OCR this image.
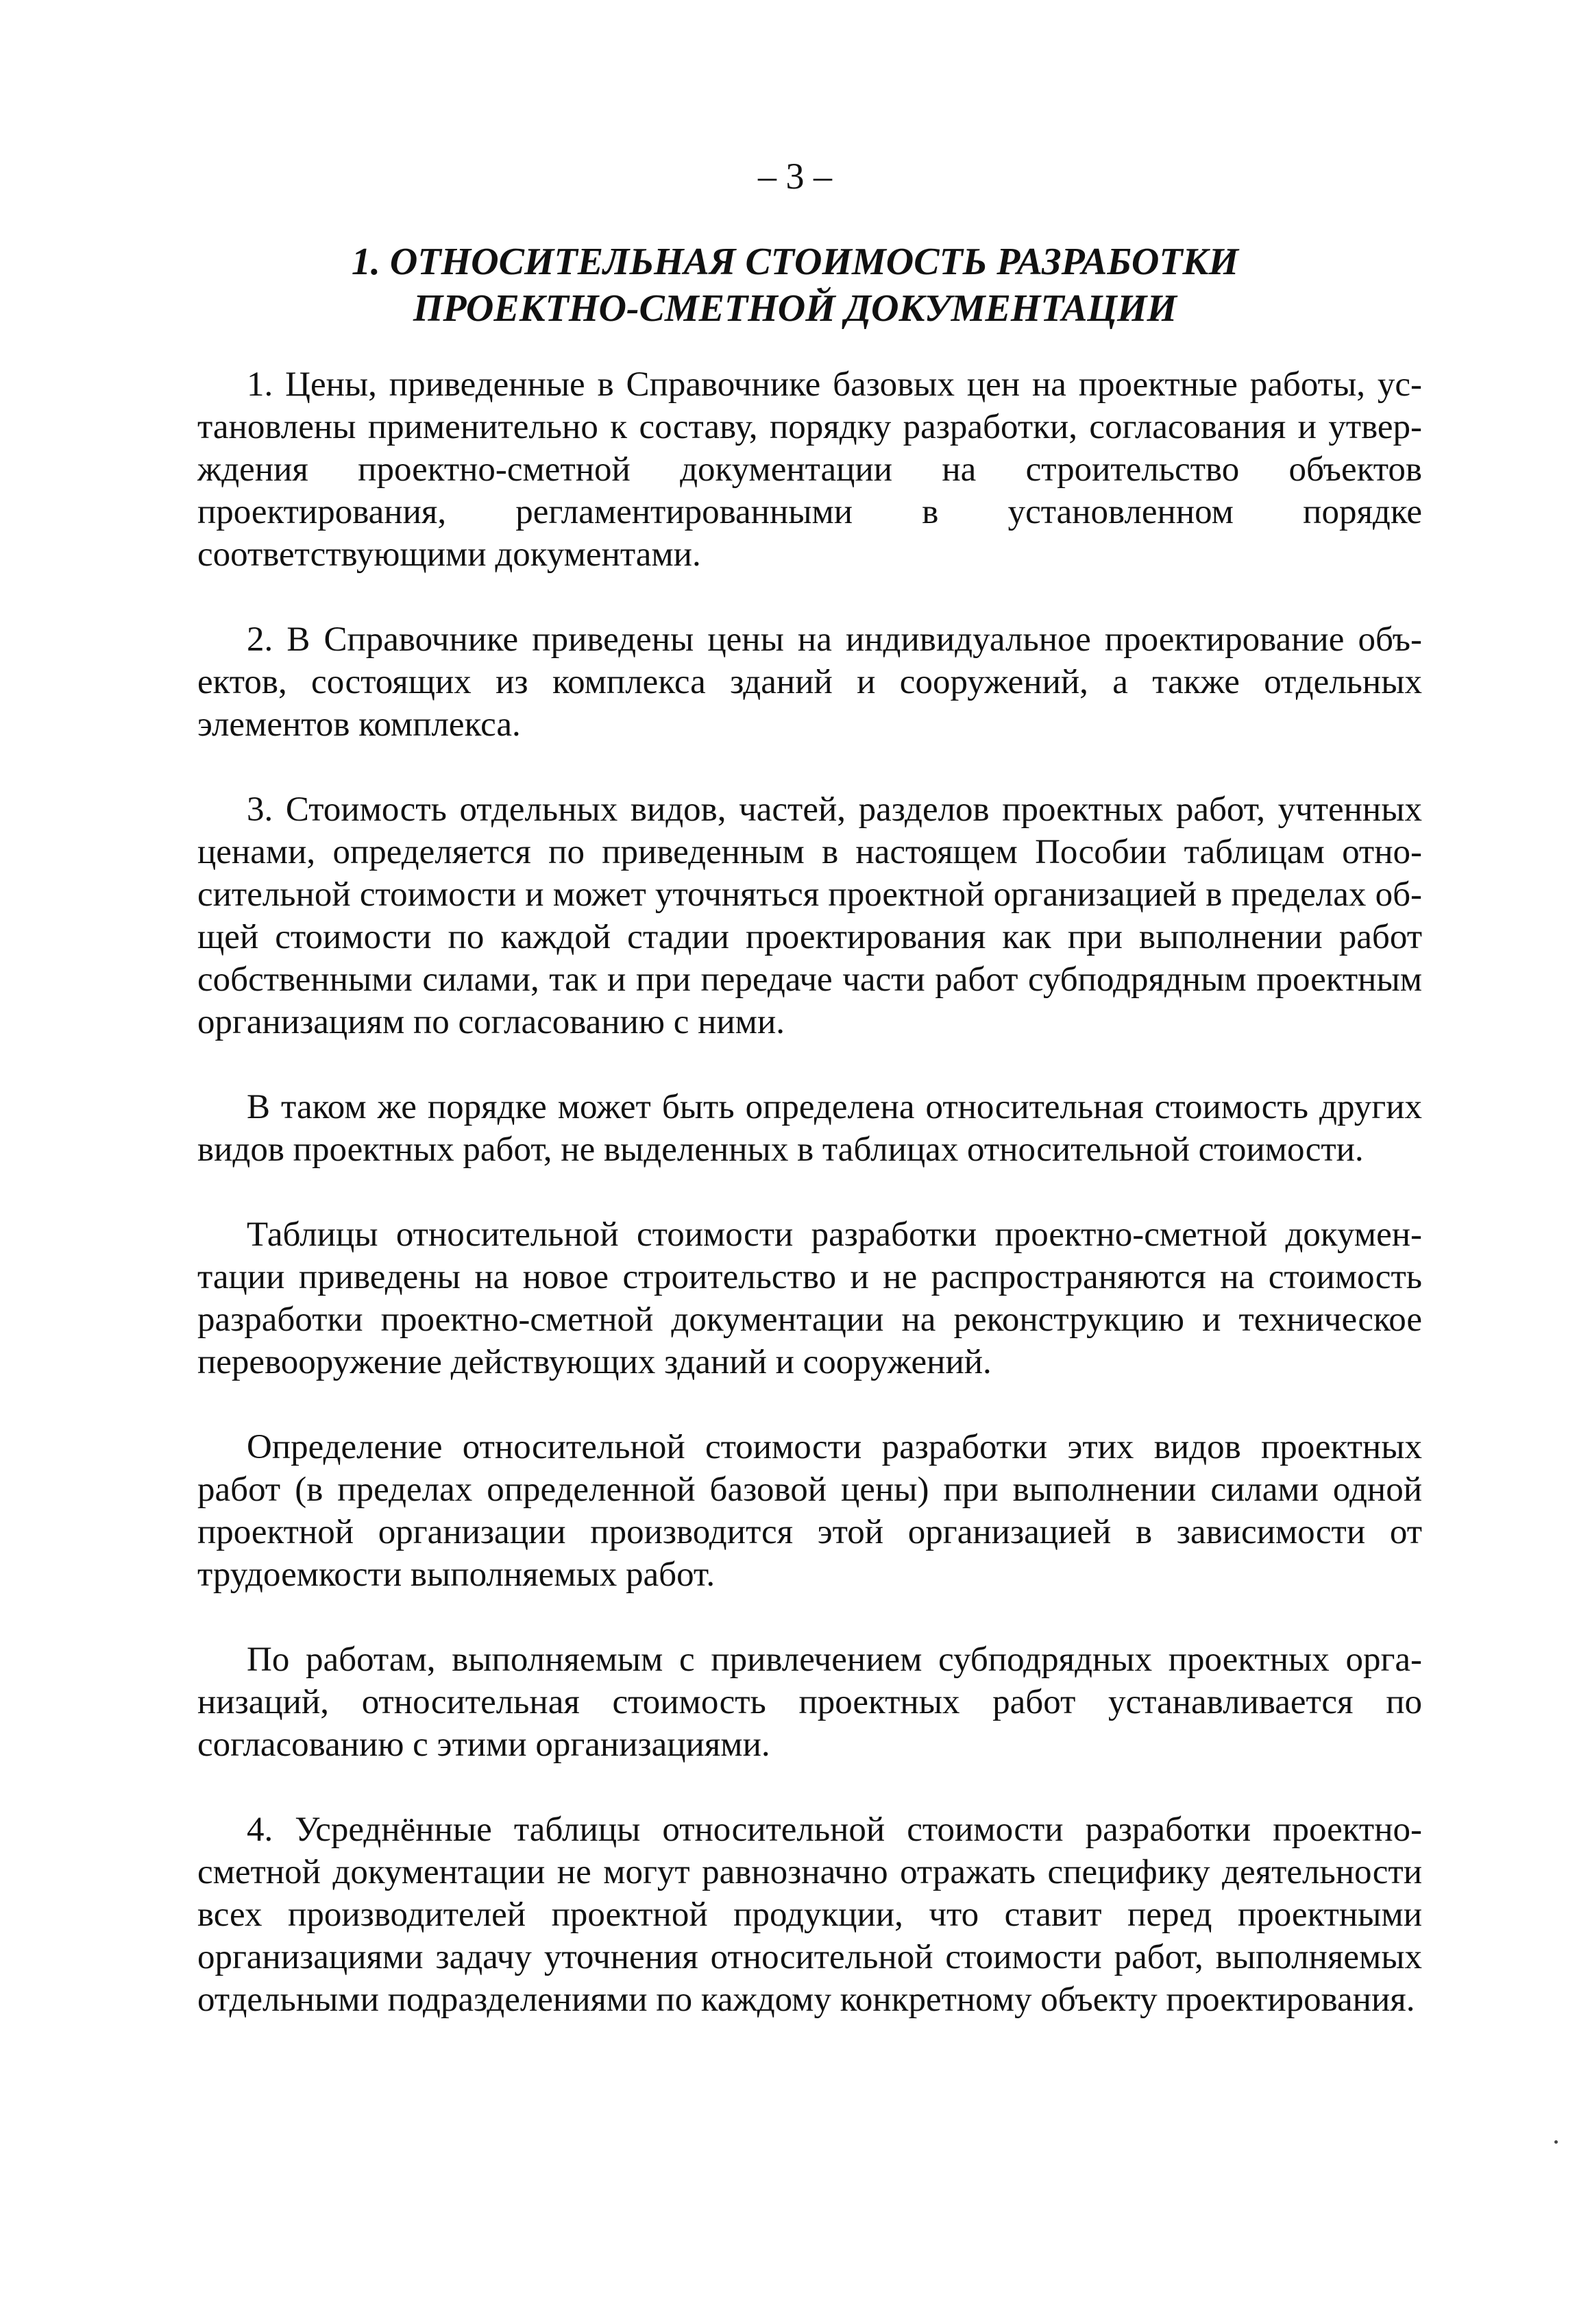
– 3 –
1. ОТНОСИТЕЛЬНАЯ СТОИМОСТЬ РАЗРАБОТКИ
ПРОЕКТНО-СМЕТНОЙ ДОКУМЕНТАЦИИ

1. Цены, приведенные в Справочнике базовых цен на проектные работы, установлены применительно к составу, порядку разработки, согласования и утверждения проектно-сметной документации на строительство объектов проектирования, регламентированными в установленном порядке соответствующими документами.

2. В Справочнике приведены цены на индивидуальное проектирование объектов, состоящих из комплекса зданий и сооружений, а также отдельных элементов комплекса.

3. Стоимость отдельных видов, частей, разделов проектных работ, учтенных ценами, определяется по приведенным в настоящем Пособии таблицам относительной стоимости и может уточняться проектной организацией в пределах общей стоимости по каждой стадии проектирования как при выполнении работ собственными силами, так и при передаче части работ субподрядным проектным организациям по согласованию с ними.

В таком же порядке может быть определена относительная стоимость других видов проектных работ, не выделенных в таблицах относительной стоимости.

Таблицы относительной стоимости разработки проектно-сметной документации приведены на новое строительство и не распространяются на стоимость разработки проектно-сметной документации на реконструкцию и техническое перевооружение действующих зданий и сооружений.

Определение относительной стоимости разработки этих видов проектных работ (в пределах определенной базовой цены) при выполнении силами одной проектной организации производится этой организацией в зависимости от трудоемкости выполняемых работ.

По работам, выполняемым с привлечением субподрядных проектных организаций, относительная стоимость проектных работ устанавливается по согласованию с этими организациями.

4. Усреднённые таблицы относительной стоимости разработки проектно-сметной документации не могут равнозначно отражать специфику деятельности всех производителей проектной продукции, что ставит перед проектными организациями задачу уточнения относительной стоимости работ, выполняемых отдельными подразделениями по каждому конкретному объекту проектирования.
